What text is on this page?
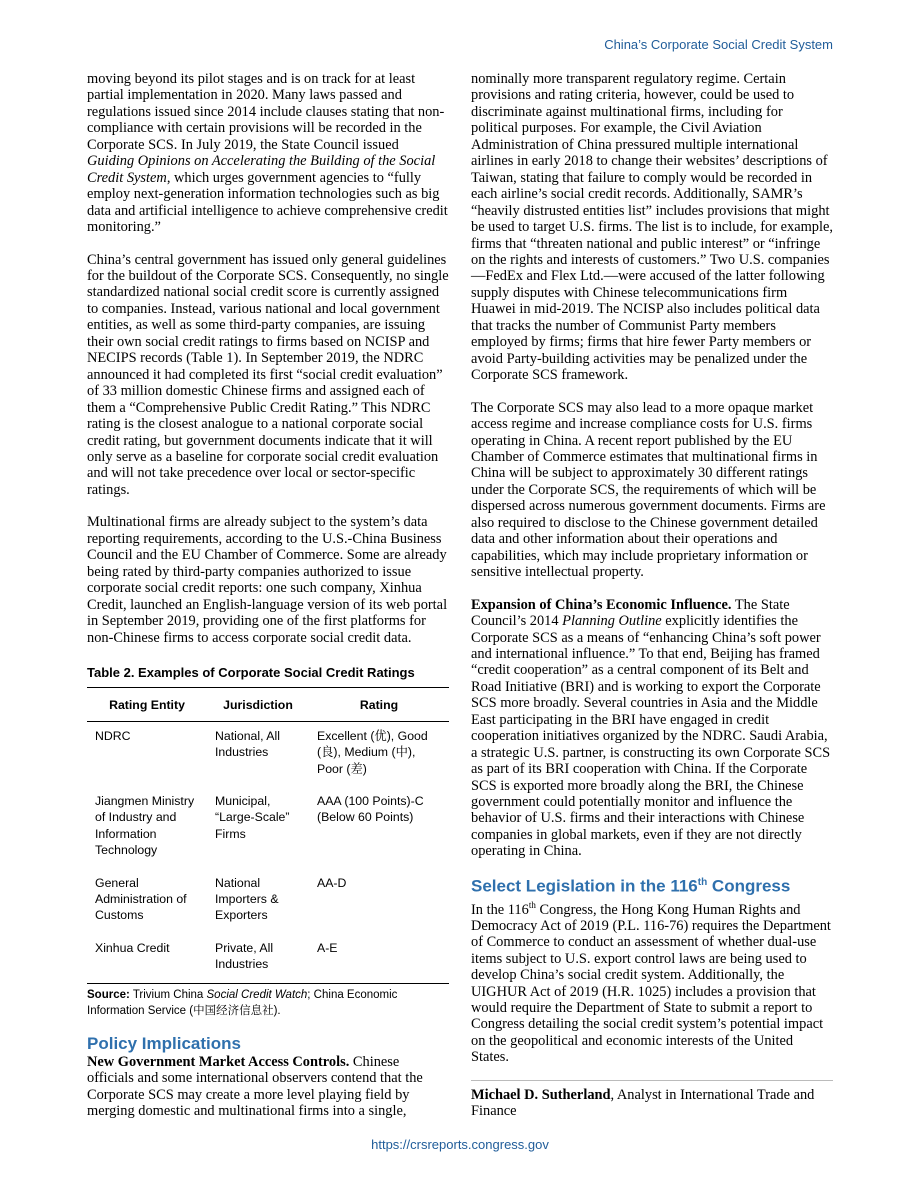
China’s Corporate Social Credit System

moving beyond its pilot stages and is on track for at least partial implementation in 2020. Many laws passed and regulations issued since 2014 include clauses stating that non-compliance with certain provisions will be recorded in the Corporate SCS. In July 2019, the State Council issued Guiding Opinions on Accelerating the Building of the Social Credit System, which urges government agencies to “fully employ next-generation information technologies such as big data and artificial intelligence to achieve comprehensive credit monitoring.”

China’s central government has issued only general guidelines for the buildout of the Corporate SCS. Consequently, no single standardized national social credit score is currently assigned to companies. Instead, various national and local government entities, as well as some third-party companies, are issuing their own social credit ratings to firms based on NCISP and NECIPS records (Table 1). In September 2019, the NDRC announced it had completed its first “social credit evaluation” of 33 million domestic Chinese firms and assigned each of them a “Comprehensive Public Credit Rating.” This NDRC rating is the closest analogue to a national corporate social credit rating, but government documents indicate that it will only serve as a baseline for corporate social credit evaluation and will not take precedence over local or sector-specific ratings.

Multinational firms are already subject to the system’s data reporting requirements, according to the U.S.-China Business Council and the EU Chamber of Commerce. Some are already being rated by third-party companies authorized to issue corporate social credit reports: one such company, Xinhua Credit, launched an English-language version of its web portal in September 2019, providing one of the first platforms for non-Chinese firms to access corporate social credit data.

Table 2. Examples of Corporate Social Credit Ratings
Rating Entity	Jurisdiction	Rating
NDRC	National, All Industries	Excellent (优), Good (良), Medium (中), Poor (差)
Jiangmen Ministry of Industry and Information Technology	Municipal, “Large-Scale” Firms	AAA (100 Points)-C (Below 60 Points)
General Administration of Customs	National Importers & Exporters	AA-D
Xinhua Credit	Private, All Industries	A-E
Source: Trivium China Social Credit Watch; China Economic Information Service (中国经济信息社).
Policy Implications

New Government Market Access Controls. Chinese officials and some international observers contend that the Corporate SCS may create a more level playing field by merging domestic and multinational firms into a single,

nominally more transparent regulatory regime. Certain provisions and rating criteria, however, could be used to discriminate against multinational firms, including for political purposes. For example, the Civil Aviation Administration of China pressured multiple international airlines in early 2018 to change their websites’ descriptions of Taiwan, stating that failure to comply would be recorded in each airline’s social credit records. Additionally, SAMR’s “heavily distrusted entities list” includes provisions that might be used to target U.S. firms. The list is to include, for example, firms that “threaten national and public interest” or “infringe on the rights and interests of customers.” Two U.S. companies—FedEx and Flex Ltd.—were accused of the latter following supply disputes with Chinese telecommunications firm Huawei in mid-2019. The NCISP also includes political data that tracks the number of Communist Party members employed by firms; firms that hire fewer Party members or avoid Party-building activities may be penalized under the Corporate SCS framework.

The Corporate SCS may also lead to a more opaque market access regime and increase compliance costs for U.S. firms operating in China. A recent report published by the EU Chamber of Commerce estimates that multinational firms in China will be subject to approximately 30 different ratings under the Corporate SCS, the requirements of which will be dispersed across numerous government documents. Firms are also required to disclose to the Chinese government detailed data and other information about their operations and capabilities, which may include proprietary information or sensitive intellectual property.

Expansion of China’s Economic Influence. The State Council’s 2014 Planning Outline explicitly identifies the Corporate SCS as a means of “enhancing China’s soft power and international influence.” To that end, Beijing has framed “credit cooperation” as a central component of its Belt and Road Initiative (BRI) and is working to export the Corporate SCS more broadly. Several countries in Asia and the Middle East participating in the BRI have engaged in credit cooperation initiatives organized by the NDRC. Saudi Arabia, a strategic U.S. partner, is constructing its own Corporate SCS as part of its BRI cooperation with China. If the Corporate SCS is exported more broadly along the BRI, the Chinese government could potentially monitor and influence the behavior of U.S. firms and their interactions with Chinese companies in global markets, even if they are not directly operating in China.

Select Legislation in the 116th Congress

In the 116th Congress, the Hong Kong Human Rights and Democracy Act of 2019 (P.L. 116-76) requires the Department of Commerce to conduct an assessment of whether dual-use items subject to U.S. export control laws are being used to develop China’s social credit system. Additionally, the UIGHUR Act of 2019 (H.R. 1025) includes a provision that would require the Department of State to submit a report to Congress detailing the social credit system’s potential impact on the geopolitical and economic interests of the United States.

Michael D. Sutherland, Analyst in International Trade and Finance

https://crsreports.congress.gov
